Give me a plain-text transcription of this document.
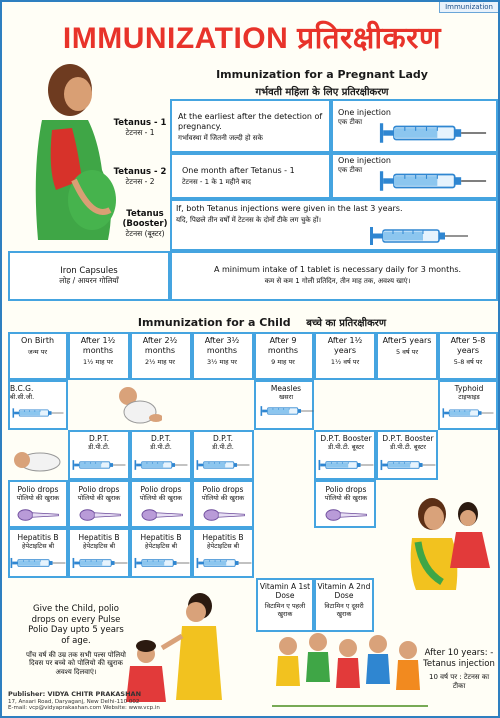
Immunization
IMMUNIZATION प्रतिरक्षीकरण
Immunization for a Pregnant Lady
गर्भवती महिला के लिए प्रतिरक्षीकरण
Tetanus - 1
टेटनस - 1
Tetanus - 2
टेटनस - 2
Tetanus (Booster)
टेटनस (बूस्टर)
At the earliest after the detection of pregnancy.
गर्भावस्था में जितनी जल्दी हो सके
One injection
एक टीका
One month after Tetanus - 1
टेटनस - 1 के 1 महीने बाद
One injection
एक टीका
If, both Tetanus injections were given in the last 3 years.
यदि, पिछले तीन वर्षों में टेटनस के दोनों टीके लग चुके हों।
Iron Capsules
लोह / आयरन गोलियाँ
A minimum intake of 1 tablet is necessary daily for 3 months.
कम से कम 1 गोली प्रतिदिन, तीन माह तक, अवश्य खाएं।
Immunization for a Child बच्चे का प्रतिरक्षीकरण
On Birth
जन्म पर
After 1½ months
1½ माह पर
After 2½ months
2½ माह पर
After 3½ months
3½ माह पर
After 9 months
9 माह पर
After 1½ years
1½ वर्ष पर
After5 years
5 वर्ष पर
After 5-8 years
5-8 वर्ष पर
B.C.G.
बी.सी.जी.
Measles
खसरा
Typhoid
टाइफाइड
D.P.T.
डी.पी.टी.
D.P.T.
डी.पी.टी.
D.P.T.
डी.पी.टी.
D.P.T. Booster
डी.पी.टी. बूस्टर
D.P.T. Booster
डी.पी.टी. बूस्टर
Polio drops
पोलियो की खुराक
Polio drops
पोलियो की खुराक
Polio drops
पोलियो की खुराक
Polio drops
पोलियो की खुराक
Polio drops
पोलियो की खुराक
Hepatitis B
हेपेटाइटिस बी
Hepatitis B
हेपेटाइटिस बी
Hepatitis B
हेपेटाइटिस बी
Hepatitis B
हेपेटाइटिस बी
Vitamin A 1st Dose
विटामिन ए पहली खुराक
Vitamin A 2nd Dose
विटामिन ए दूसरी खुराक
Give the Child, polio drops on every Pulse Polio Day upto 5 years of age.
पाँच वर्ष की उम्र तक सभी पल्स पोलियो दिवस पर बच्चे को पोलियो की खुराक अवश्य दिलवाएं।
After 10 years: - Tetanus injection
10 वर्ष पर : टेटनस का टीका
Publisher: VIDYA CHITR PRAKASHAN
17, Ansari Road, Daryaganj, New Delhi-110 002
E-mail: vcp@vidyaprakashan.com Website: www.vcp.in
